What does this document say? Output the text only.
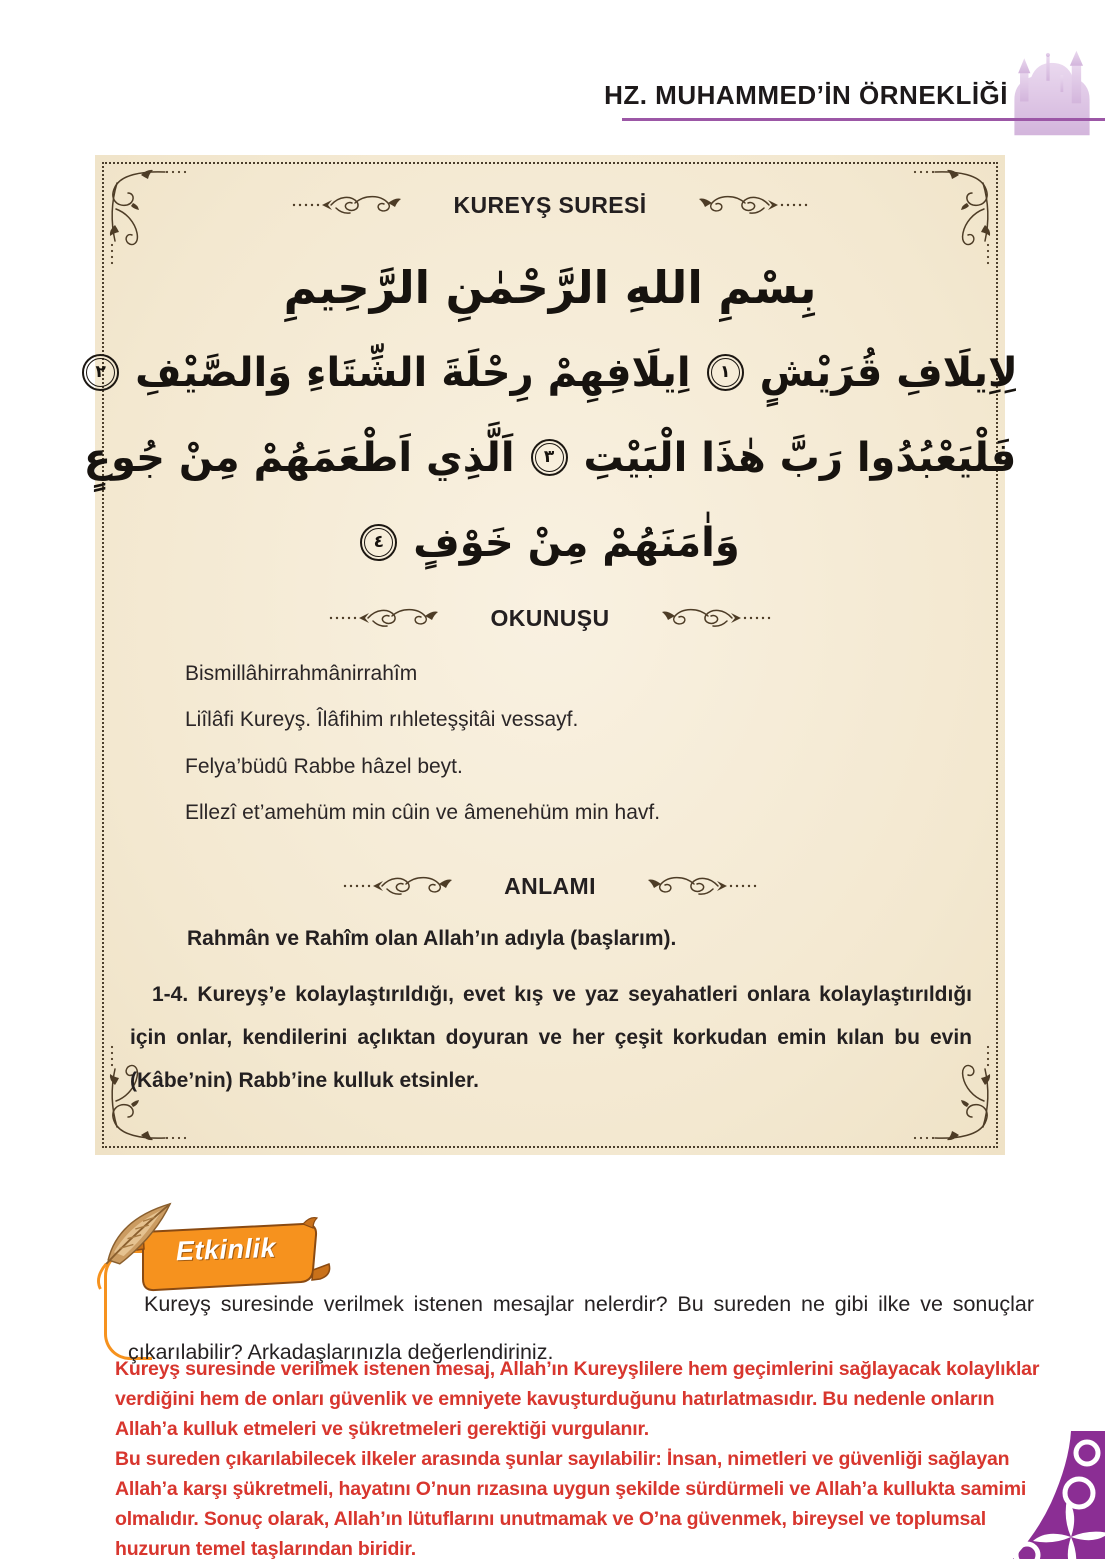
HZ. MUHAMMED’İN ÖRNEKLİĞİ
KUREYŞ SURESİ
بِسْمِ اللهِ الرَّحْمٰنِ الرَّحِيمِ
لِاِيلَافِ قُرَيْشٍ
١
اِيلَافِهِمْ رِحْلَةَ الشِّتَاءِ وَالصَّيْفِ
٢
فَلْيَعْبُدُوا رَبَّ هٰذَا الْبَيْتِ
٣
اَلَّذِي اَطْعَمَهُمْ مِنْ جُوعٍ
وَاٰمَنَهُمْ مِنْ خَوْفٍ
٤
OKUNUŞU

Bismillâhirrahmânirrahîm

Liîlâfi Kureyş. Îlâfihim rıhleteşşitâi vessayf.

Felya’büdû Rabbe hâzel beyt.

Ellezî et’amehüm min cûin ve âmenehüm min havf.

ANLAMI

Rahmân ve Rahîm olan Allah’ın adıyla (başlarım).

1-4. Kureyş’e kolaylaştırıldığı, evet kış ve yaz seyahatleri onlara kolaylaştırıldığı için onlar, kendilerini açlıktan doyuran ve her çeşit korkudan emin kılan bu evin (Kâbe’nin) Rabb’ine kulluk etsinler.

Etkinlik

Kureyş suresinde verilmek istenen mesajlar nelerdir? Bu sureden ne gibi ilke ve sonuçlar çıkarılabilir? Arkadaşlarınızla değerlendiriniz.

Kureyş suresinde verilmek istenen mesaj, Allah’ın Kureyşlilere hem geçimlerini sağlayacak kolaylıklar verdiğini hem de onları güvenlik ve emniyete kavuşturduğunu hatırlatmasıdır. Bu nedenle onların Allah’a kulluk etmeleri ve şükretmeleri gerektiği vurgulanır.

Bu sureden çıkarılabilecek ilkeler arasında şunlar sayılabilir: İnsan, nimetleri ve güvenliği sağlayan Allah’a karşı şükretmeli, hayatını O’nun rızasına uygun şekilde sürdürmeli ve Allah’a kullukta samimi olmalıdır. Sonuç olarak, Allah’ın lütuflarını unutmamak ve O’na güvenmek, bireysel ve toplumsal huzurun temel taşlarından biridir.
